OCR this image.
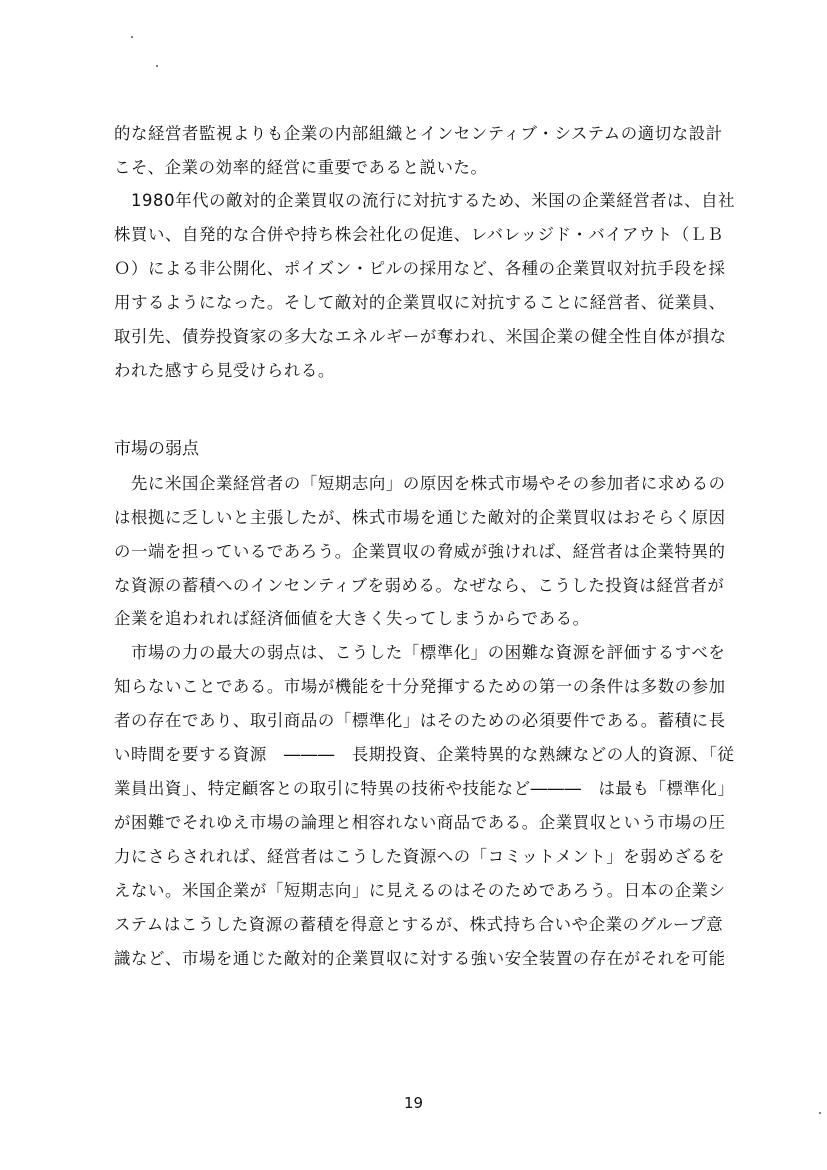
的な経営者監視よりも企業の内部組織とインセンティブ・システムの適切な設計
こそ、企業の効率的経営に重要であると説いた。
　1980年代の敵対的企業買収の流行に対抗するため、米国の企業経営者は、自社
株買い、自発的な合併や持ち株会社化の促進、レバレッジド・バイアウト（ＬＢ
Ｏ）による非公開化、ポイズン・ピルの採用など、各種の企業買収対抗手段を採
用するようになった。そして敵対的企業買収に対抗することに経営者、従業員、
取引先、債券投資家の多大なエネルギーが奪われ、米国企業の健全性自体が損な
われた感すら見受けられる。
市場の弱点
　先に米国企業経営者の「短期志向」の原因を株式市場やその参加者に求めるの
は根拠に乏しいと主張したが、株式市場を通じた敵対的企業買収はおそらく原因
の一端を担っているであろう。企業買収の脅威が強ければ、経営者は企業特異的
な資源の蓄積へのインセンティブを弱める。なぜなら、こうした投資は経営者が
企業を追われれば経済価値を大きく失ってしまうからである。
　市場の力の最大の弱点は、こうした「標準化」の困難な資源を評価するすべを
知らないことである。市場が機能を十分発揮するための第一の条件は多数の参加
者の存在であり、取引商品の「標準化」はそのための必須要件である。蓄積に長
い時間を要する資源　―――　長期投資、企業特異的な熟練などの人的資源、「従
業員出資」、特定顧客との取引に特異の技術や技能など―――　は最も「標準化」
が困難でそれゆえ市場の論理と相容れない商品である。企業買収という市場の圧
力にさらされれば、経営者はこうした資源への「コミットメント」を弱めざるを
えない。米国企業が「短期志向」に見えるのはそのためであろう。日本の企業シ
ステムはこうした資源の蓄積を得意とするが、株式持ち合いや企業のグループ意
識など、市場を通じた敵対的企業買収に対する強い安全装置の存在がそれを可能
19
